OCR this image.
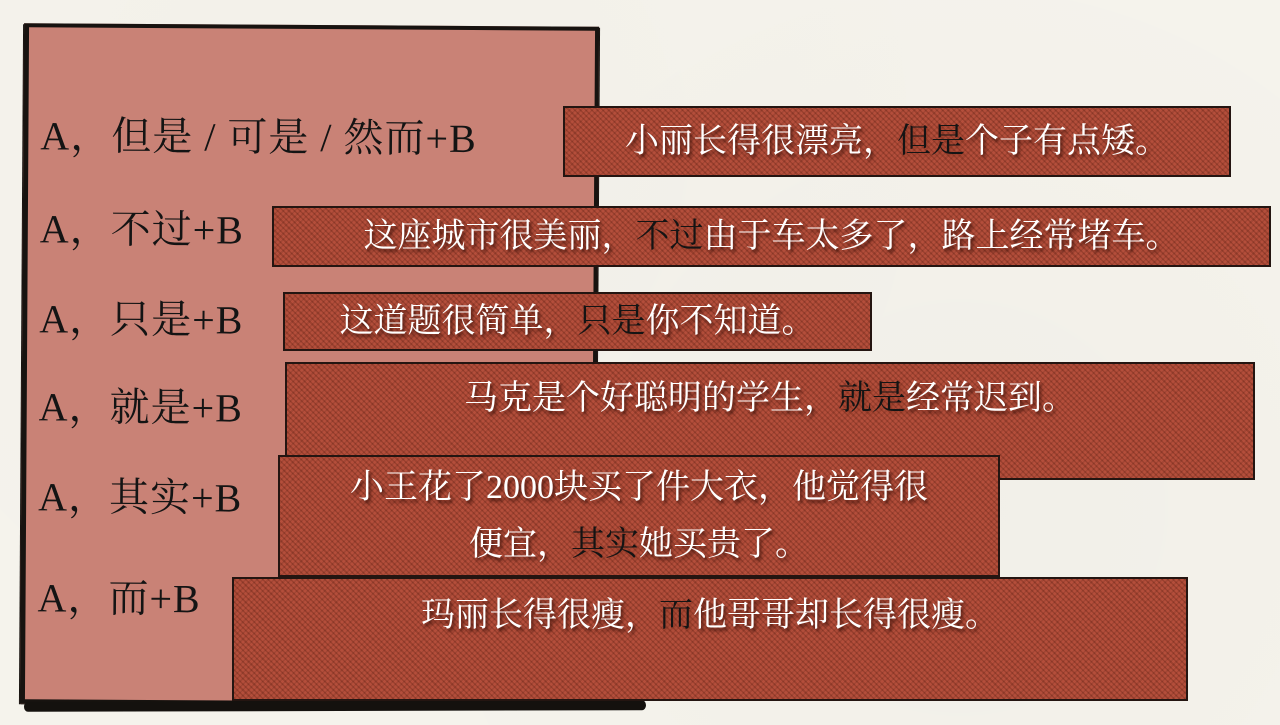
A，但是 / 可是 / 然而+B
A，不过+B
A，只是+B
A，就是+B
A，其实+B
A，而+B
小丽长得很漂亮，但是个子有点矮。
这座城市很美丽，不过由于车太多了，路上经常堵车。
这道题很简单，只是你不知道。
马克是个好聪明的学生，就是经常迟到。
小王花了2000块买了件大衣，他觉得很
便宜，其实她买贵了。
玛丽长得很瘦，而他哥哥却长得很瘦。
